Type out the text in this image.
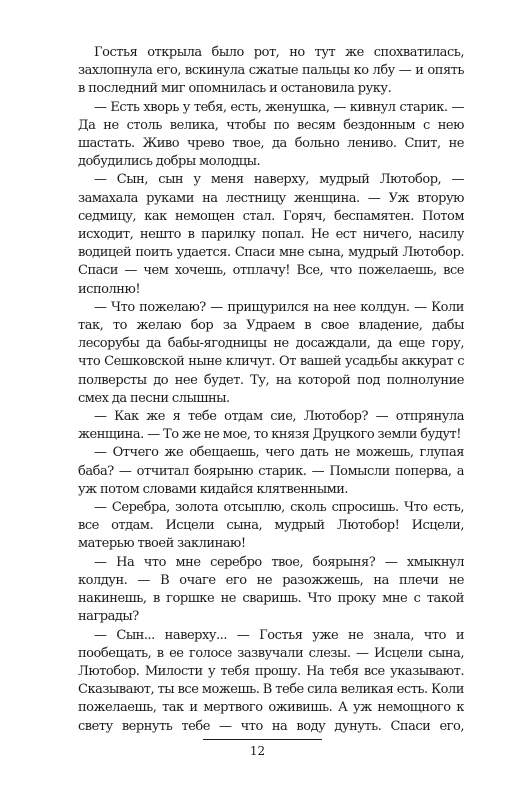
Гостья открыла было рот, но тут же спохватилась, захлопнула его, вскинула сжатые пальцы ко лбу — и опять в последний миг опомнилась и остановила руку.

— Есть хворь у тебя, есть, женушка, — кивнул старик. — Да не столь велика, чтобы по весям бездонным с нею шастать. Живо чрево твое, да больно лениво. Спит, не добудились добры молодцы.

— Сын, сын у меня наверху, мудрый Лютобор, — замахала руками на лестницу женщина. — Уж вторую седмицу, как немощен стал. Горяч, беспамятен. Потом исходит, нешто в парилку попал. Не ест ничего, насилу водицей поить удается. Спаси мне сына, мудрый Лютобор. Спаси — чем хочешь, отплачу! Все, что пожелаешь, все исполню!

— Что пожелаю? — прищурился на нее колдун. — Коли так, то желаю бор за Удраем в свое владение, дабы лесорубы да бабы-ягодницы не досаждали, да еще гору, что Сешковской ныне кличут. От вашей усадьбы аккурат с полверсты до нее будет. Ту, на которой под полнолуние смех да песни слышны.

— Как же я тебе отдам сие, Лютобор? — отпрянула женщина. — То же не мое, то князя Друцкого земли будут!

— Отчего же обещаешь, чего дать не можешь, глупая баба? — отчитал боярыню старик. — Помысли поперва, а уж потом словами кидайся клятвенными.

— Серебра, золота отсыплю, сколь спросишь. Что есть, все отдам. Исцели сына, мудрый Лютобор! Исцели, матерью твоей заклинаю!

— На что мне серебро твое, боярыня? — хмыкнул колдун. — В очаге его не разожжешь, на плечи не накинешь, в горшке не сваришь. Что проку мне с такой награды?

— Сын... наверху... — Гостья уже не знала, что и пообещать, в ее голосе зазвучали слезы. — Исцели сына, Лютобор. Милости у тебя прошу. На тебя все указывают. Сказывают, ты все можешь. В тебе сила великая есть. Коли пожелаешь, так и мертвого оживишь. А уж немощного к свету вернуть тебе — что на воду дунуть. Спаси его,

12
